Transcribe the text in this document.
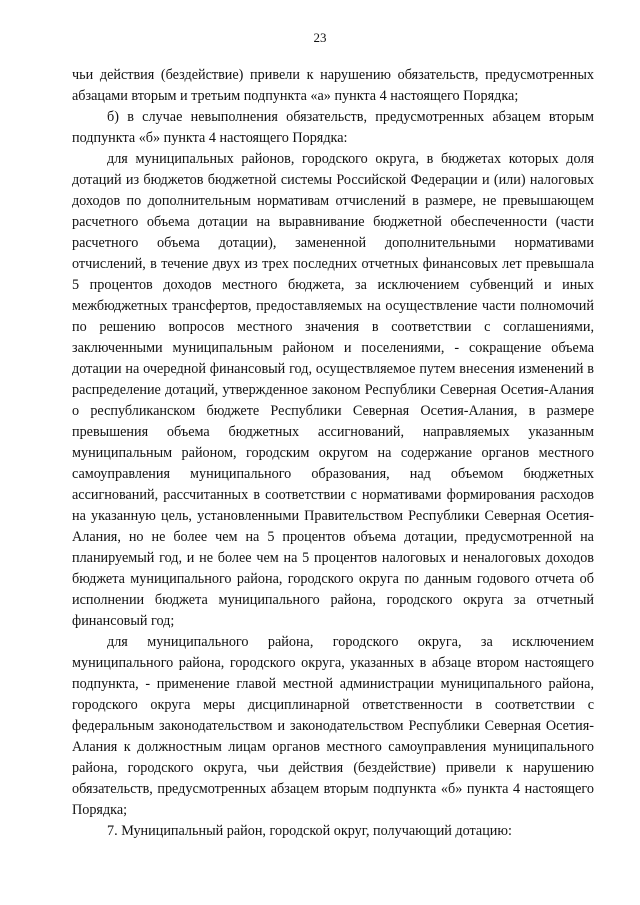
23

чьи действия (бездействие) привели к нарушению обязательств, предусмотренных абзацами вторым и третьим подпункта «а» пункта 4 настоящего Порядка;

б) в случае невыполнения обязательств, предусмотренных абзацем вторым подпункта «б» пункта 4 настоящего Порядка:

для муниципальных районов, городского округа, в бюджетах которых доля дотаций из бюджетов бюджетной системы Российской Федерации и (или) налоговых доходов по дополнительным нормативам отчислений в размере, не превышающем расчетного объема дотации на выравнивание бюджетной обеспеченности (части расчетного объема дотации), замененной дополнительными нормативами отчислений, в течение двух из трех последних отчетных финансовых лет превышала 5 процентов доходов местного бюджета, за исключением субвенций и иных межбюджетных трансфертов, предоставляемых на осуществление части полномочий по решению вопросов местного значения в соответствии с соглашениями, заключенными муниципальным районом и поселениями, - сокращение объема дотации на очередной финансовый год, осуществляемое путем внесения изменений в распределение дотаций, утвержденное законом Республики Северная Осетия-Алания о республиканском бюджете Республики Северная Осетия-Алания, в размере превышения объема бюджетных ассигнований, направляемых указанным муниципальным районом, городским округом на содержание органов местного самоуправления муниципального образования, над объемом бюджетных ассигнований, рассчитанных в соответствии с нормативами формирования расходов на указанную цель, установленными Правительством Республики Северная Осетия-Алания, но не более чем на 5 процентов объема дотации, предусмотренной на планируемый год, и не более чем на 5 процентов налоговых и неналоговых доходов бюджета муниципального района, городского округа по данным годового отчета об исполнении бюджета муниципального района, городского округа за отчетный финансовый год;

для муниципального района, городского округа, за исключением муниципального района, городского округа, указанных в абзаце втором настоящего подпункта, - применение главой местной администрации муниципального района, городского округа меры дисциплинарной ответственности в соответствии с федеральным законодательством и законодательством Республики Северная Осетия-Алания к должностным лицам органов местного самоуправления муниципального района, городского округа, чьи действия (бездействие) привели к нарушению обязательств, предусмотренных абзацем вторым подпункта «б» пункта 4 настоящего Порядка;

7. Муниципальный район, городской округ, получающий дотацию:
